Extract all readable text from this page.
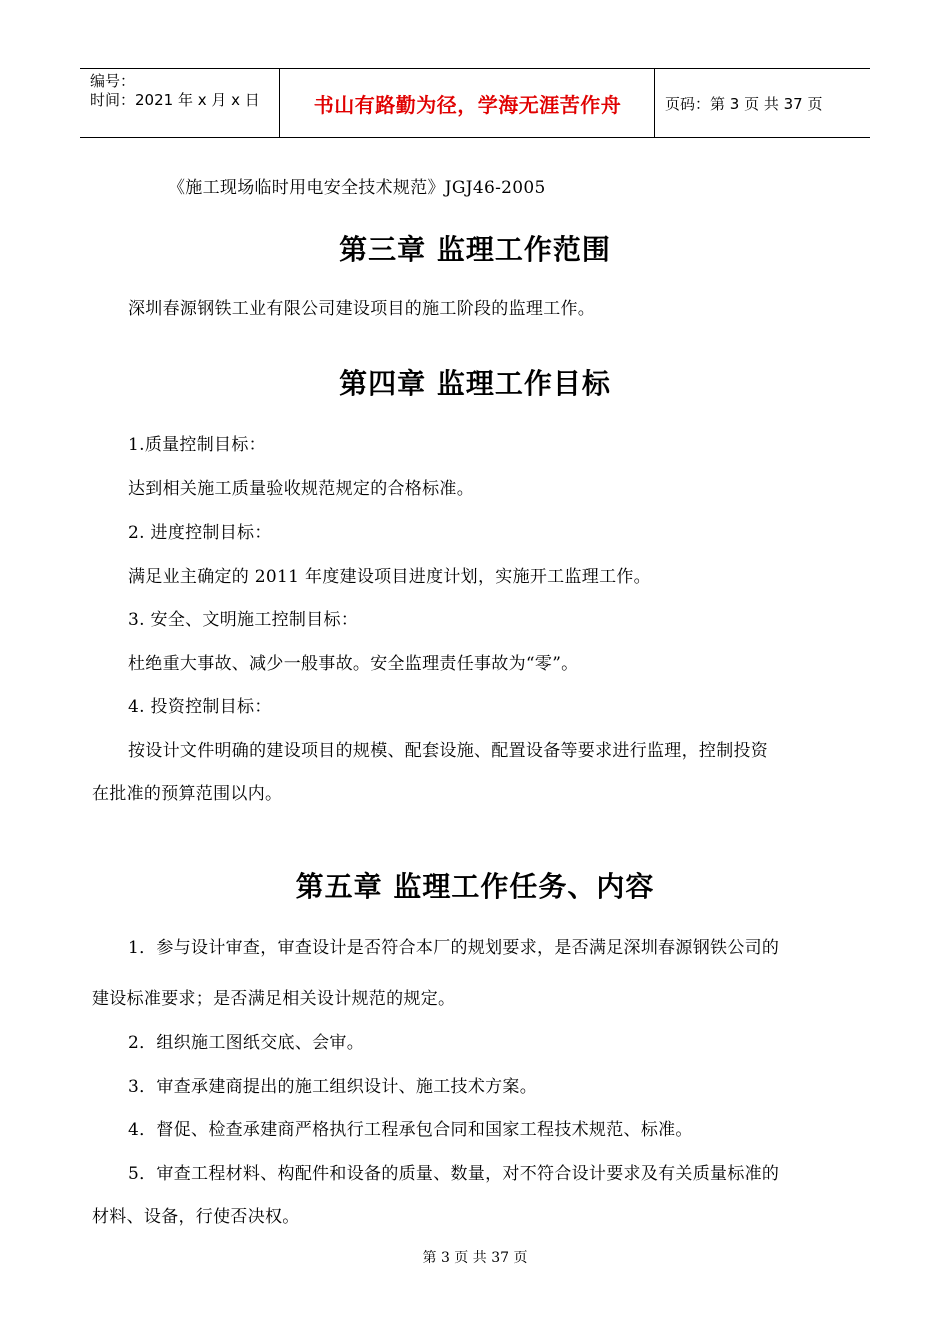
编号：
时间：2021 年 x 月 x 日	书山有路勤为径，学海无涯苦作舟	页码：第 3 页 共 37 页
《施工现场临时用电安全技术规范》JGJ46-2005
第三章 监理工作范围
深圳春源钢铁工业有限公司建设项目的施工阶段的监理工作。
第四章 监理工作目标
1.质量控制目标：
达到相关施工质量验收规范规定的合格标准。
2. 进度控制目标：
满足业主确定的 2011 年度建设项目进度计划，实施开工监理工作。
3. 安全、文明施工控制目标：
杜绝重大事故、减少一般事故。安全监理责任事故为“零”。
4. 投资控制目标：
按设计文件明确的建设项目的规模、配套设施、配置设备等要求进行监理，控制投资
在批准的预算范围以内。
第五章 监理工作任务、内容
1．参与设计审查，审查设计是否符合本厂的规划要求，是否满足深圳春源钢铁公司的
建设标准要求；是否满足相关设计规范的规定。
2．组织施工图纸交底、会审。
3．审查承建商提出的施工组织设计、施工技术方案。
4．督促、检查承建商严格执行工程承包合同和国家工程技术规范、标准。
5．审查工程材料、构配件和设备的质量、数量，对不符合设计要求及有关质量标准的
材料、设备，行使否决权。
第 3 页 共 37 页
